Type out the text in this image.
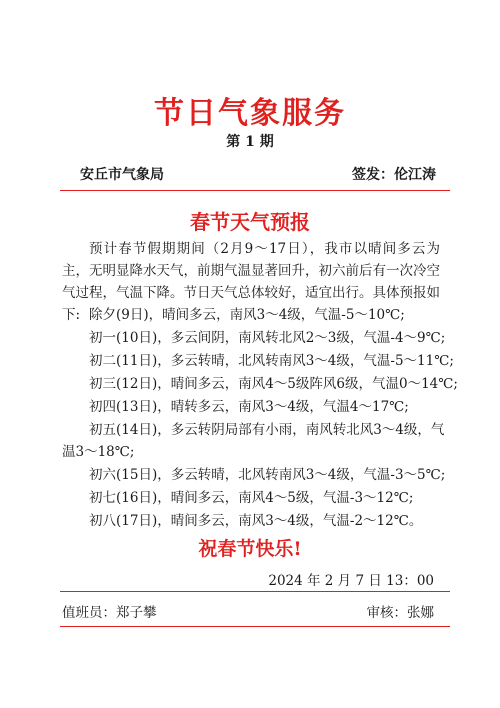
节日气象服务
第 1 期
安丘市气象局	签发：伦江涛
春节天气预报
预计春节假期期间（2月9～17日），我市以晴间多云为主，无明显降水天气，前期气温显著回升，初六前后有一次冷空气过程，气温下降。节日天气总体较好，适宜出行。具体预报如下: 除夕(9日)，晴间多云，南风3～4级，气温-5～10℃;
初一(10日)，多云间阴，南风转北风2～3级，气温-4～9℃;
初二(11日)，多云转晴，北风转南风3～4级，气温-5～11℃;
初三(12日)，晴间多云，南风4～5级阵风6级，气温0～14℃;
初四(13日)，晴转多云，南风3～4级，气温4～17℃;
初五(14日)，多云转阴局部有小雨，南风转北风3～4级，气
温3～18℃;
初六(15日)，多云转晴，北风转南风3～4级，气温-3～5℃;
初七(16日)，晴间多云，南风4～5级，气温-3～12℃;
初八(17日)，晴间多云，南风3～4级，气温-2～12℃。
祝春节快乐!
2024 年 2 月 7 日 13：00
值班员：郑子攀	审核：张娜
